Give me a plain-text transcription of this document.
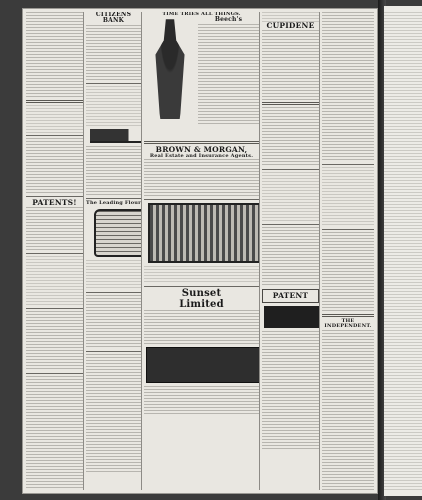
PATENTS!
CITIZENS BANK
The Leading Flour
TIME TRIES ALL THINGS.
Beech's
BROWN & MORGAN,
Real Estate and Insurance Agents.
Sunset
Limited
CUPIDENE
PATENT
THE INDEPENDENT.
